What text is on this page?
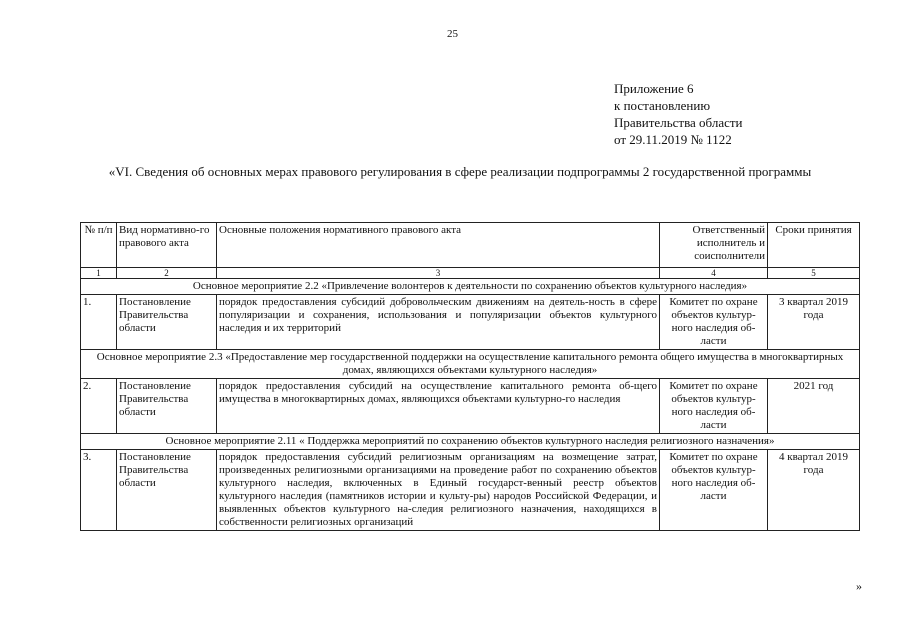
25
Приложение 6
к постановлению
Правительства области
от 29.11.2019 № 1122
«VI. Сведения об основных мерах правового регулирования в сфере реализации подпрограммы 2 государственной программы
№ п/п	Вид нормативно-го правового акта	Основные положения нормативного правового акта	Ответственный исполнитель и соисполнители	Сроки принятия
1	2	3	4	5
Основное мероприятие 2.2 «Привлечение волонтеров к деятельности по сохранению объектов культурного наследия»				
1.	Постановление Правительства области	порядок предоставления субсидий добровольческим движениям на деятель-ность в сфере популяризации и сохранения, использования и популяризации объектов культурного наследия и их территорий	Комитет по охране объектов культур-ного наследия об-ласти	3 квартал 2019 года
Основное мероприятие 2.3 «Предоставление мер государственной поддержки на осуществление капитального ремонта общего имущества в многоквартирных домах, являющихся объектами культурного наследия»				
2.	Постановление Правительства области	порядок предоставления субсидий на осуществление капитального ремонта об-щего имущества в многоквартирных домах, являющихся объектами культурно-го наследия	Комитет по охране объектов культур-ного наследия об-ласти	2021 год
Основное мероприятие 2.11 « Поддержка мероприятий по сохранению объектов культурного наследия религиозного назначения»				
3.	Постановление Правительства области	порядок предоставления субсидий религиозным организациям на возмещение затрат, произведенных религиозными организациями на проведение работ по сохранению объектов культурного наследия, включенных в Единый государст-венный реестр объектов культурного наследия (памятников истории и культу-ры) народов Российской Федерации, и выявленных объектов культурного на-следия религиозного назначения, находящихся в собственности религиозных организаций	Комитет по охране объектов культур-ного наследия об-ласти	4 квартал 2019 года
»
